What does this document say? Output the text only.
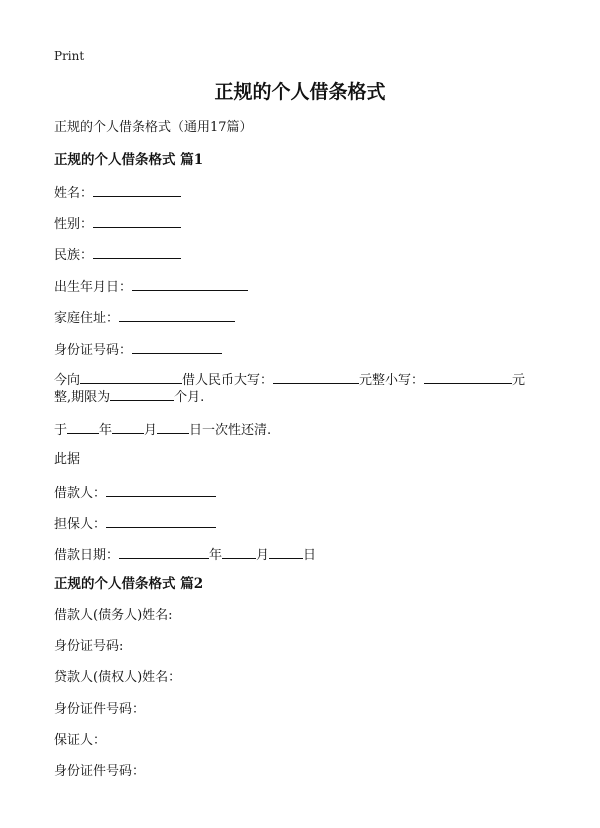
Print
正规的个人借条格式
正规的个人借条格式（通用17篇）
正规的个人借条格式 篇1
姓名：
性别：
民族：
出生年月日：
家庭住址：
身份证号码：
今向	借人民币大写：	元整小写：	元
整,期限为	个月.
于 年 月 日一次性还清.
此据
借款人：
担保人：
借款日期：	年	月	日
正规的个人借条格式 篇2
借款人(债务人)姓名:
身份证号码:
贷款人(债权人)姓名：
身份证件号码：
保证人：
身份证件号码：
